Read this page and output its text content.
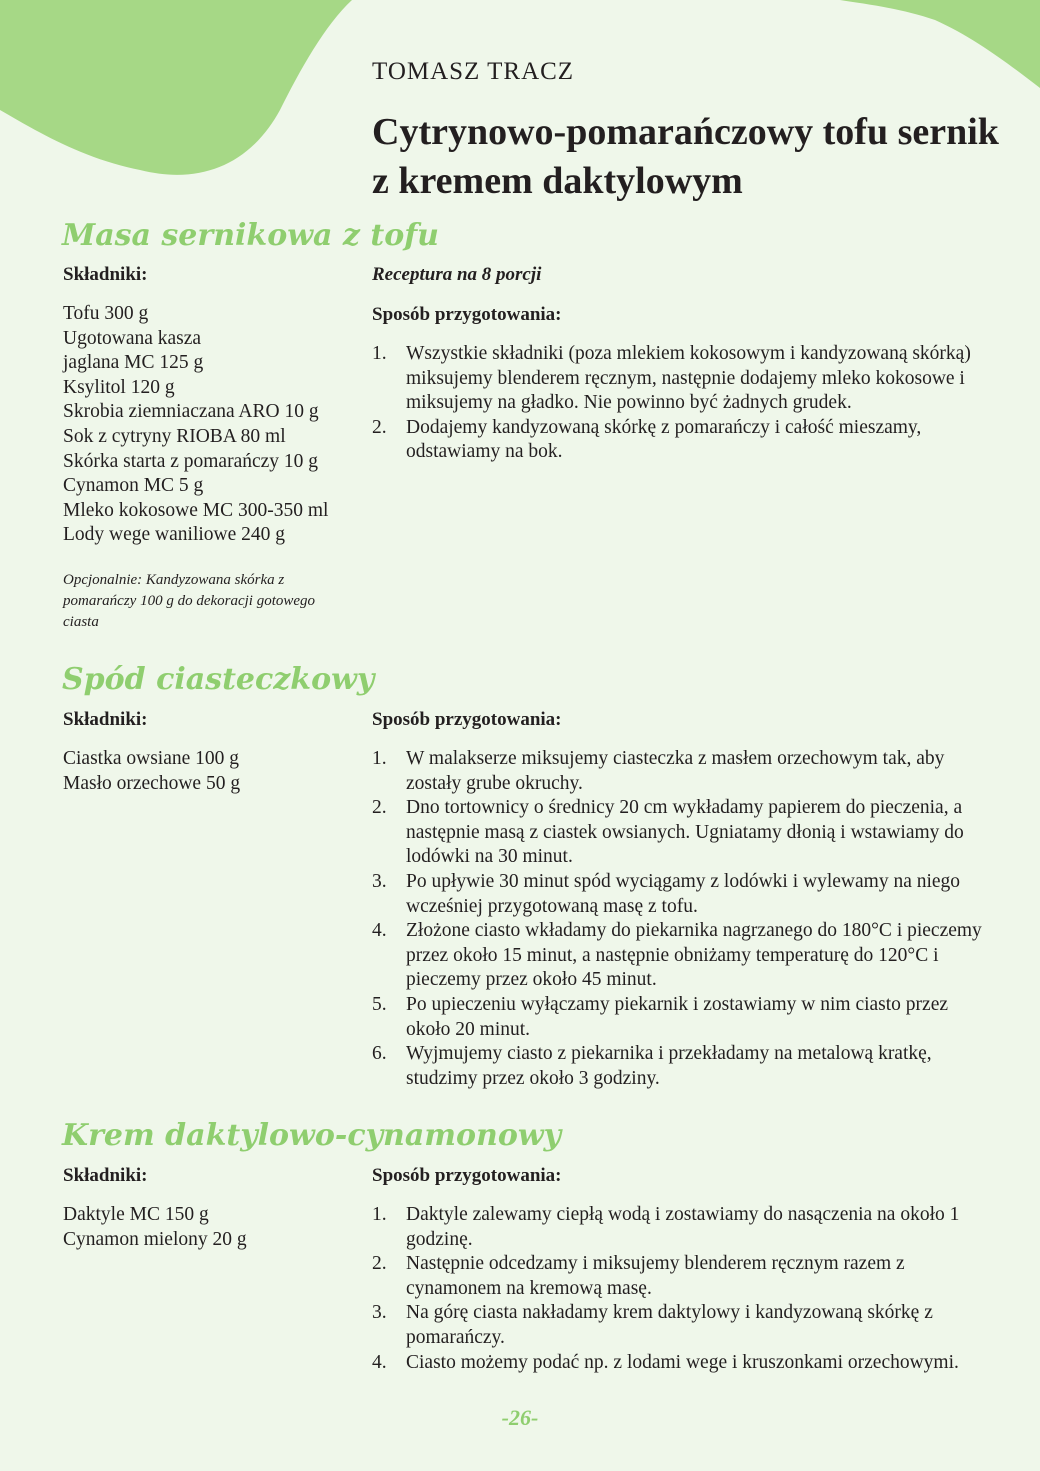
TOMASZ TRACZ
Cytrynowo-pomarańczowy tofu sernik z kremem daktylowym
Masa sernikowa z tofu

Składniki:

Tofu 300 g
Ugotowana kasza
jaglana MC 125 g
Ksylitol 120 g
Skrobia ziemniaczana ARO 10 g
Sok z cytryny RIOBA 80 ml
Skórka starta z pomarańczy 10 g
Cynamon MC 5 g
Mleko kokosowe MC 300-350 ml
Lody wege waniliowe 240 g

Opcjonalnie: Kandyzowana skórka z pomarańczy 100 g do dekoracji gotowego ciasta

Receptura na 8 porcji

Sposób przygotowania:

1. Wszystkie składniki (poza mlekiem kokosowym i kandyzowaną skórką) miksujemy blenderem ręcznym, następnie dodajemy mleko kokosowe i miksujemy na gładko. Nie powinno być żadnych grudek.
2. Dodajemy kandyzowaną skórkę z pomarańczy i całość mieszamy, odstawiamy na bok.
Spód ciasteczkowy

Składniki:

Ciastka owsiane 100 g
Masło orzechowe 50 g

Sposób przygotowania:

1. W malakserze miksujemy ciasteczka z masłem orzechowym tak, aby zostały grube okruchy.
2. Dno tortownicy o średnicy 20 cm wykładamy papierem do pieczenia, a następnie masą z ciastek owsianych. Ugniatamy dłonią i wstawiamy do lodówki na 30 minut.
3. Po upływie 30 minut spód wyciągamy z lodówki i wylewamy na niego wcześniej przygotowaną masę z tofu.
4. Złożone ciasto wkładamy do piekarnika nagrzanego do 180°C i pieczemy przez około 15 minut, a następnie obniżamy temperaturę do 120°C i pieczemy przez około 45 minut.
5. Po upieczeniu wyłączamy piekarnik i zostawiamy w nim ciasto przez około 20 minut.
6. Wyjmujemy ciasto z piekarnika i przekładamy na metalową kratkę, studzimy przez około 3 godziny.
Krem daktylowo-cynamonowy

Składniki:

Daktyle MC 150 g
Cynamon mielony 20 g

Sposób przygotowania:

1. Daktyle zalewamy ciepłą wodą i zostawiamy do nasączenia na około 1 godzinę.
2. Następnie odcedzamy i miksujemy blenderem ręcznym razem z cynamonem na kremową masę.
3. Na górę ciasta nakładamy krem daktylowy i kandyzowaną skórkę z pomarańczy.
4. Ciasto możemy podać np. z lodami wege i kruszonkami orzechowymi.
-26-
